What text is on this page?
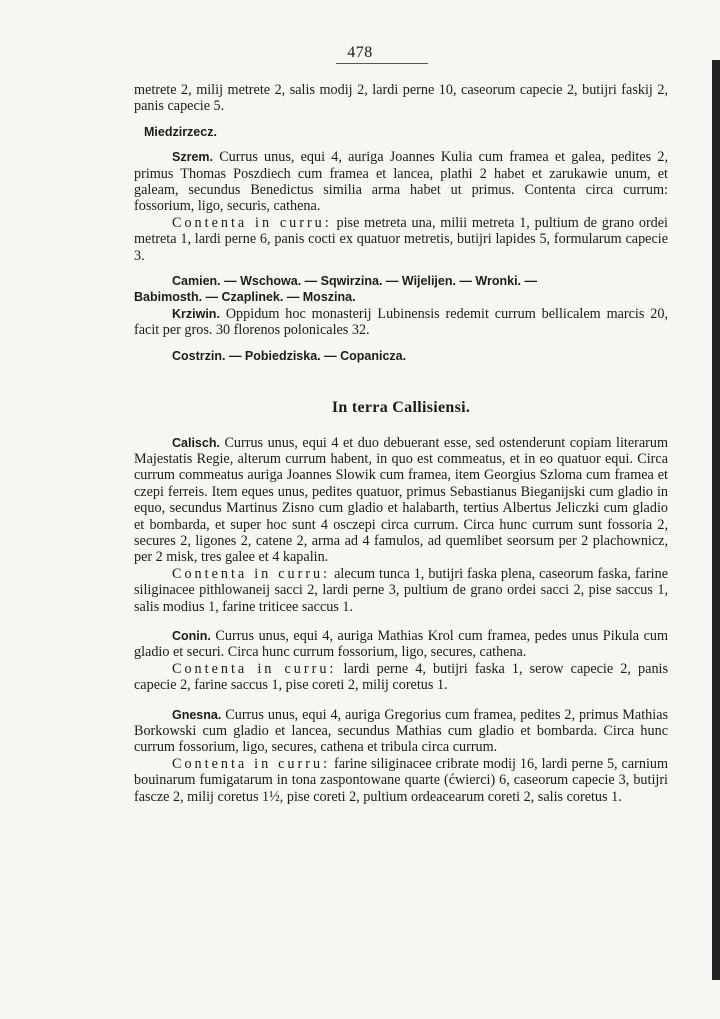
478

metrete 2, milij metrete 2, salis modij 2, lardi perne 10, caseorum capecie 2, butijri faskij 2, panis capecie 5.

Miedzirzecz.

Szrem. Currus unus, equi 4, auriga Joannes Kulia cum framea et galea, pedites 2, primus Thomas Poszdiech cum framea et lancea, plathi 2 habet et zarukawie unum, et galeam, secundus Benedictus similia arma habet ut primus. Contenta circa currum: fossorium, ligo, securis, cathena.

Contenta in curru: pise metreta una, milii metreta 1, pultium de grano ordei metreta 1, lardi perne 6, panis cocti ex quatuor metretis, butijri lapides 5, formularum capecie 3.

Camien. — Wschowa. — Sqwirzina. — Wijelijen. — Wronki. —

Babimosth. — Czaplinek. — Moszina.

Krziwin. Oppidum hoc monasterij Lubinensis redemit currum bellicalem marcis 20, facit per gros. 30 florenos polonicales 32.

Costrzin. — Pobiedziska. — Copanicza.

In terra Callisiensi.

Calisch. Currus unus, equi 4 et duo debuerant esse, sed ostenderunt copiam literarum Majestatis Regie, alterum currum habent, in quo est commeatus, et in eo quatuor equi. Circa currum commeatus auriga Joannes Slowik cum framea, item Georgius Szloma cum framea et czepi ferreis. Item eques unus, pedites quatuor, primus Sebastianus Bieganijski cum gladio in equo, secundus Martinus Zisno cum gladio et halabarth, tertius Albertus Jeliczki cum gladio et bombarda, et super hoc sunt 4 osczepi circa currum. Circa hunc currum sunt fossoria 2, secures 2, ligones 2, catene 2, arma ad 4 famulos, ad quemlibet seorsum per 2 plachownicz, per 2 misk, tres galee et 4 kapalin.

Contenta in curru: alecum tunca 1, butijri faska plena, caseorum faska, farine siliginacee pithlowaneij sacci 2, lardi perne 3, pultium de grano ordei sacci 2, pise saccus 1, salis modius 1, farine triticee saccus 1.

Conin. Currus unus, equi 4, auriga Mathias Krol cum framea, pedes unus Pikula cum gladio et securi. Circa hunc currum fossorium, ligo, secures, cathena.

Contenta in curru: lardi perne 4, butijri faska 1, serow capecie 2, panis capecie 2, farine saccus 1, pise coreti 2, milij coretus 1.

Gnesna. Currus unus, equi 4, auriga Gregorius cum framea, pedites 2, primus Mathias Borkowski cum gladio et lancea, secundus Mathias cum gladio et bombarda. Circa hunc currum fossorium, ligo, secures, cathena et tribula circa currum.

Contenta in curru: farine siliginacee cribrate modij 16, lardi perne 5, carnium bouinarum fumigatarum in tona zaspontowane quarte (ćwierci) 6, caseorum capecie 3, butijri fascze 2, milij coretus 1½, pise coreti 2, pultium ordeacearum coreti 2, salis coretus 1.
